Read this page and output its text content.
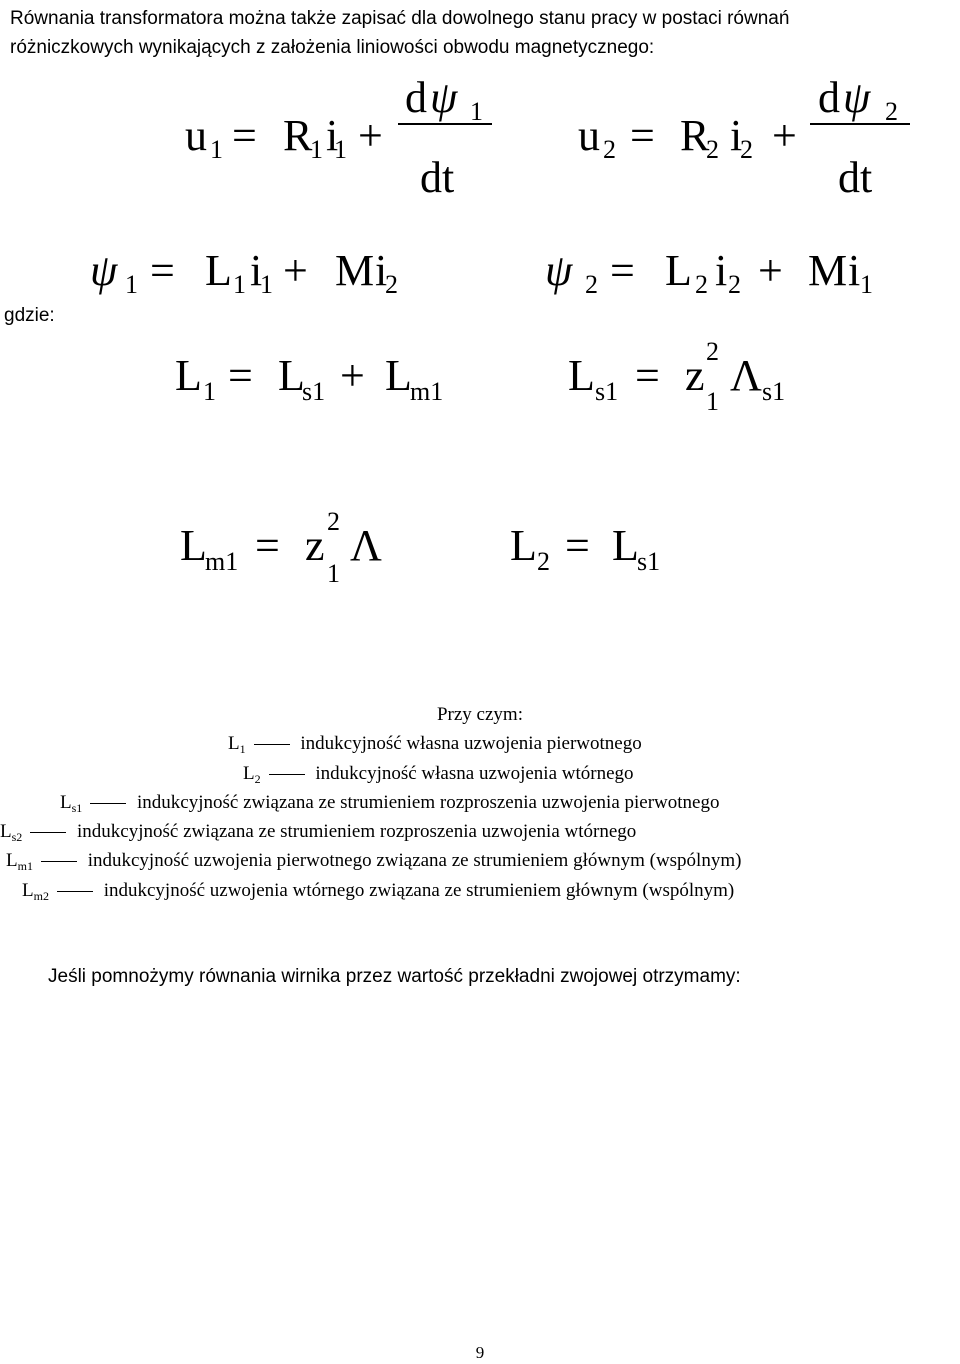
Równania transformatora można także zapisać dla dowolnego stanu pracy w postaci równań
różniczkowych wynikających z założenia liniowości obwodu magnetycznego:
gdzie:
u 1 = R
1 i
1 +
d ψ 1
dt
u 2 = R
2 i
2 +
d ψ 2
dt
ψ 1 = L 1 i
1 + M i
2	ψ 2 = L 2 i 2 + M i 1
L 1 = L
s1 + L
m1	L s1 = z 2
1
Λ s1
L
m1 = z 2
1
Λ	L 2 = L
s1
Przy czym:
$L_1$	indukcyjność własna uzwojenia pierwotnego
$L_2$	indukcyjność własna uzwojenia wtórnego
$L_{s1}$	indukcyjność związana ze strumieniem rozproszenia uzwojenia pierwotnego
$L_{s2}$	indukcyjność związana ze strumieniem rozproszenia uzwojenia wtórnego
$L_{m1}$	indukcyjność uzwojenia pierwotnego związana ze strumieniem głównym (wspólnym)
$L_{m2}$	indukcyjność uzwojenia wtórnego związana ze strumieniem głównym (wspólnym)
Jeśli pomnożymy równania wirnika przez wartość przekładni zwojowej otrzymamy:
9
